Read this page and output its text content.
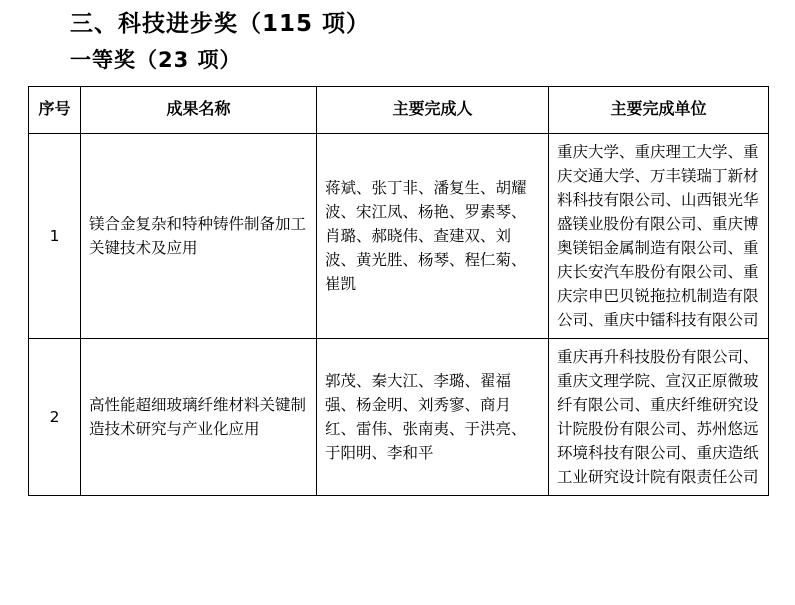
三、科技进步奖（115 项）
一等奖（23 项）
序号	成果名称	主要完成人	主要完成单位
1	镁合金复杂和特种铸件制备加工关键技术及应用	蒋斌、张丁非、潘复生、胡耀波、宋江凤、杨艳、罗素琴、肖璐、郝晓伟、查建双、刘波、黄光胜、杨琴、程仁菊、崔凯	重庆大学、重庆理工大学、重庆交通大学、万丰镁瑞丁新材料科技有限公司、山西银光华盛镁业股份有限公司、重庆博奥镁铝金属制造有限公司、重庆长安汽车股份有限公司、重庆宗申巴贝锐拖拉机制造有限公司、重庆中镭科技有限公司

2	高性能超细玻璃纤维材料关键制造技术研究与产业化应用	郭茂、秦大江、李璐、翟福强、杨金明、刘秀寥、商月红、雷伟、张南夷、于洪亮、于阳明、李和平	重庆再升科技股份有限公司、重庆文理学院、宣汉正原微玻纤有限公司、重庆纤维研究设计院股份有限公司、苏州悠远环境科技有限公司、重庆造纸工业研究设计院有限责任公司
